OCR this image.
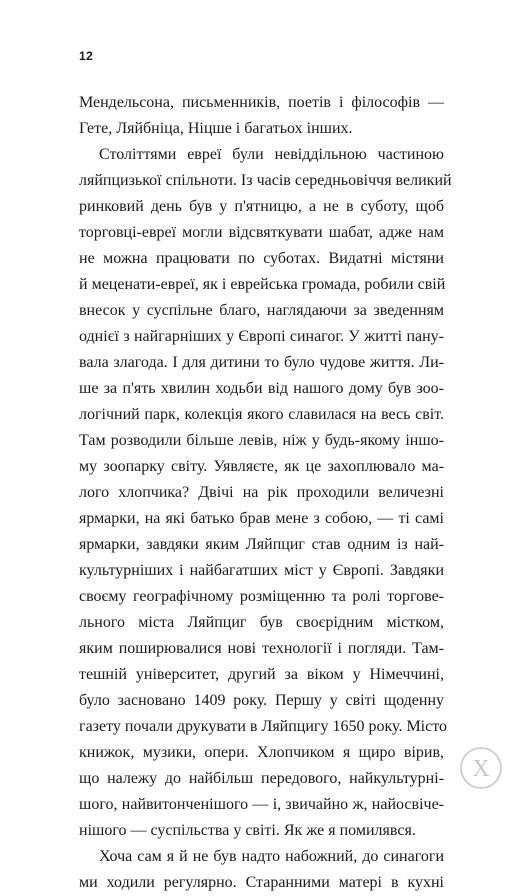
12
Мендельсона, письменників, поетів і філософів —
Гете, Ляйбніца, Ніцше і багатьох інших.
Століттями евреї були невіддільною частиною
ляйпцизької спільноти. Із часів середньовіччя великий
ринковий день був у п'ятницю, а не в суботу, щоб
торговці-евреї могли відсвяткувати шабат, адже нам
не можна працювати по суботах. Видатні містяни
й меценати-евреї, як і еврейська громада, робили свій
внесок у суспільне благо, наглядаючи за зведенням
однієї з найгарніших у Європі синагог. У житті пану-
вала злагода. І для дитини то було чудове життя. Ли-
ше за п'ять хвилин ходьби від нашого дому був зоо-
логічний парк, колекція якого славилася на весь світ.
Там розводили більше левів, ніж у будь-якому іншо-
му зоопарку світу. Уявляєте, як це захоплювало ма-
лого хлопчика? Двічі на рік проходили величезні
ярмарки, на які батько брав мене з собою, — ті самі
ярмарки, завдяки яким Ляйпциг став одним із най-
культурніших і найбагатших міст у Європі. Завдяки
своєму географічному розміщенню та ролі торгове-
льного міста Ляйпциг був своєрідним містком,
яким поширювалися нові технології і погляди. Там-
тешній університет, другий за віком у Німеччині,
було засновано 1409 року. Першу у світі щоденну
газету почали друкувати в Ляйпцигу 1650 року. Місто
книжок, музики, опери. Хлопчиком я щиро вірив,
що належу до найбільш передового, найкультурні-
шого, найвитонченішого — і, звичайно ж, найосвіче-
нішого — суспільства у світі. Як же я помилявся.
Хоча сам я й не був надто набожний, до синагоги
ми ходили регулярно. Старанними матері в кухні
X
